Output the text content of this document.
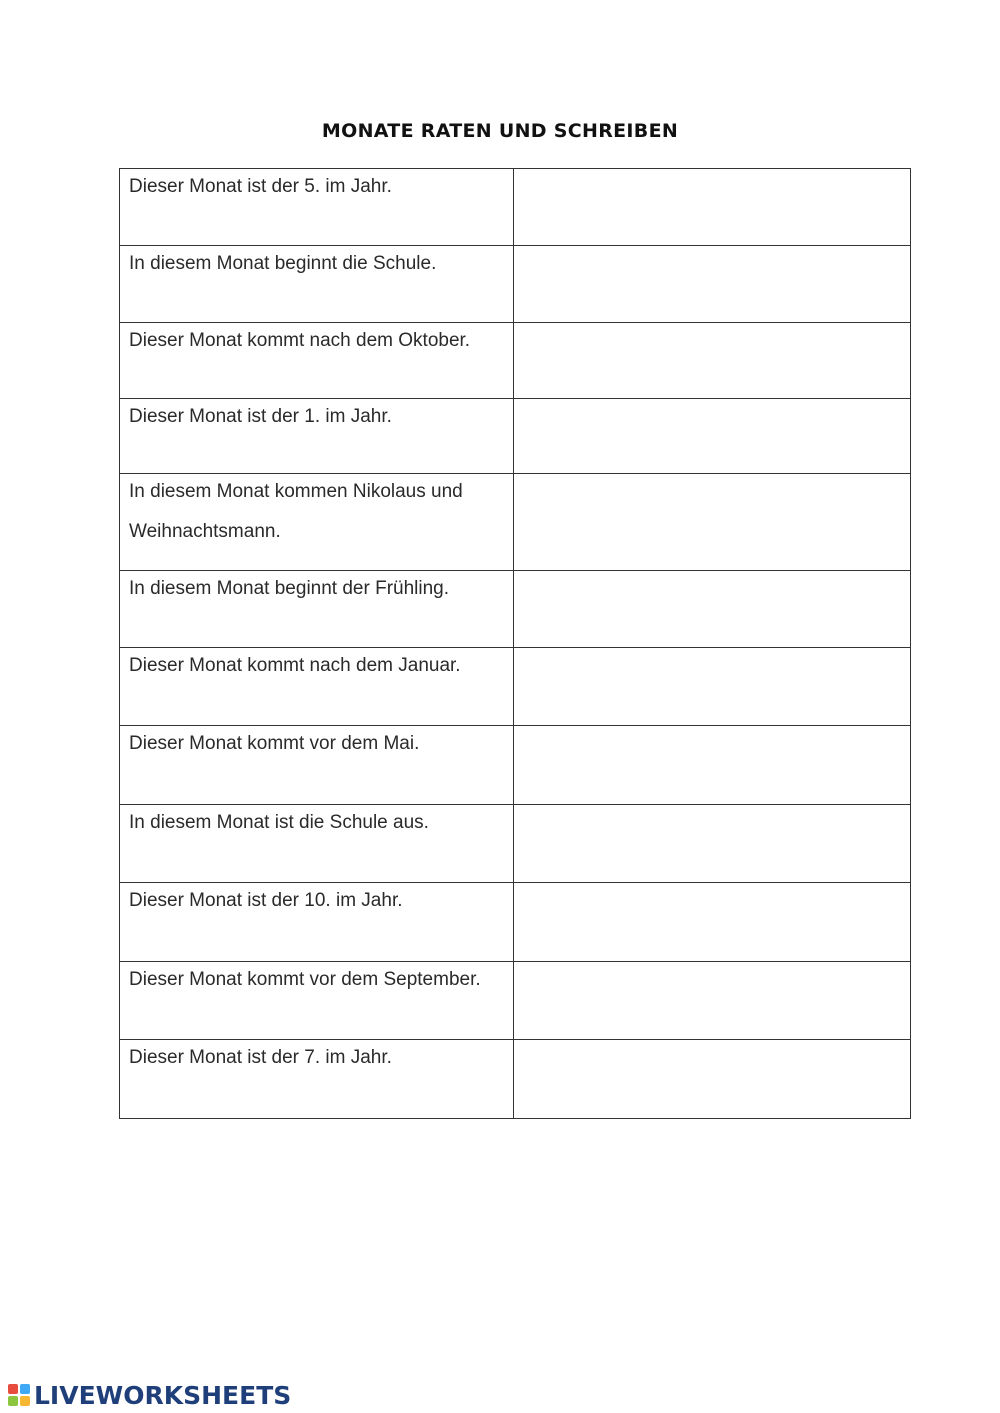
MONATE RATEN UND SCHREIBEN
Dieser Monat ist der 5. im Jahr.	

In diesem Monat beginnt die Schule.	

Dieser Monat kommt nach dem Oktober.	

Dieser Monat ist der 1. im Jahr.	

In diesem Monat kommen Nikolaus und Weihnachtsmann.	

In diesem Monat beginnt der Frühling.	

Dieser Monat kommt nach dem Januar.	

Dieser Monat kommt vor dem Mai.	

In diesem Monat ist die Schule aus.	

Dieser Monat ist der 10. im Jahr.	

Dieser Monat kommt vor dem September.	

Dieser Monat ist der 7. im Jahr.	

LIVEWORKSHEETS
